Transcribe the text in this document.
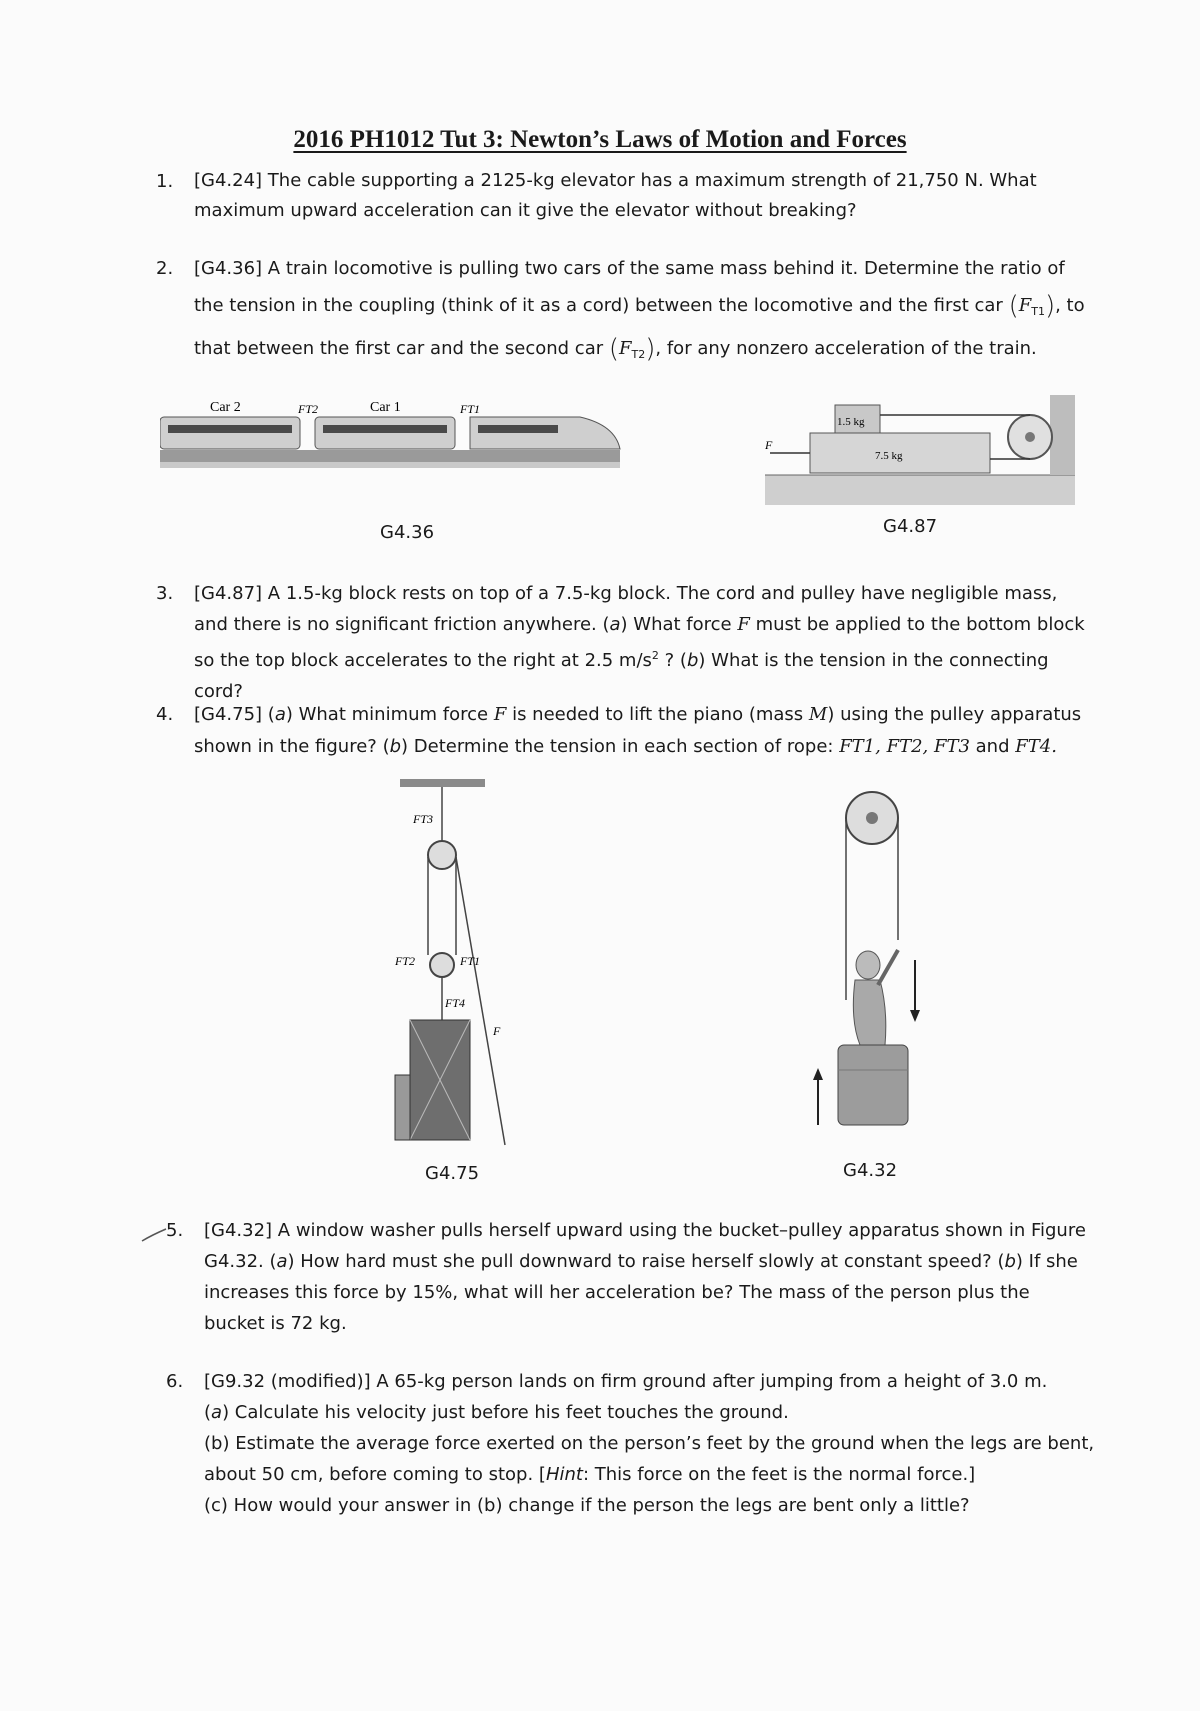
2016 PH1012 Tut 3: Newton’s Laws of Motion and Forces
1. [G4.24] The cable supporting a 2125-kg elevator has a maximum strength of 21,750 N. What maximum upward acceleration can it give the elevator without breaking?
2. [G4.36] A train locomotive is pulling two cars of the same mass behind it. Determine the ratio of the tension in the coupling (think of it as a cord) between the locomotive and the first car $(F_{T1})$, to that between the first car and the second car $(F_{T2})$, for any nonzero acceleration of the train.
Car 2	Car 1
FT2	FT1
G4.36
1.5 kg
7.5 kg
F
G4.87
3. [G4.87] A 1.5-kg block rests on top of a 7.5-kg block. The cord and pulley have negligible mass, and there is no significant friction anywhere. (a) What force F must be applied to the bottom block so the top block accelerates to the right at 2.5 $m/s^2$ ? (b) What is the tension in the connecting cord?
4. [G4.75] (a) What minimum force F is needed to lift the piano (mass M) using the pulley apparatus shown in the figure? (b) Determine the tension in each section of rope: FT1, FT2, FT3 and FT4.
FT3
FT2	FT1
FT4
F
G4.75	G4.32
5. [G4.32] A window washer pulls herself upward using the bucket–pulley apparatus shown in Figure G4.32. (a) How hard must she pull downward to raise herself slowly at constant speed? (b) If she increases this force by 15%, what will her acceleration be? The mass of the person plus the bucket is 72 kg.
6. [G9.32 (modified)] A 65-kg person lands on firm ground after jumping from a height of 3.0 m.

(a) Calculate his velocity just before his feet touches the ground.

(b) Estimate the average force exerted on the person’s feet by the ground when the legs are bent, about 50 cm, before coming to stop. [Hint: This force on the feet is the normal force.]

(c) How would your answer in (b) change if the person the legs are bent only a little?
